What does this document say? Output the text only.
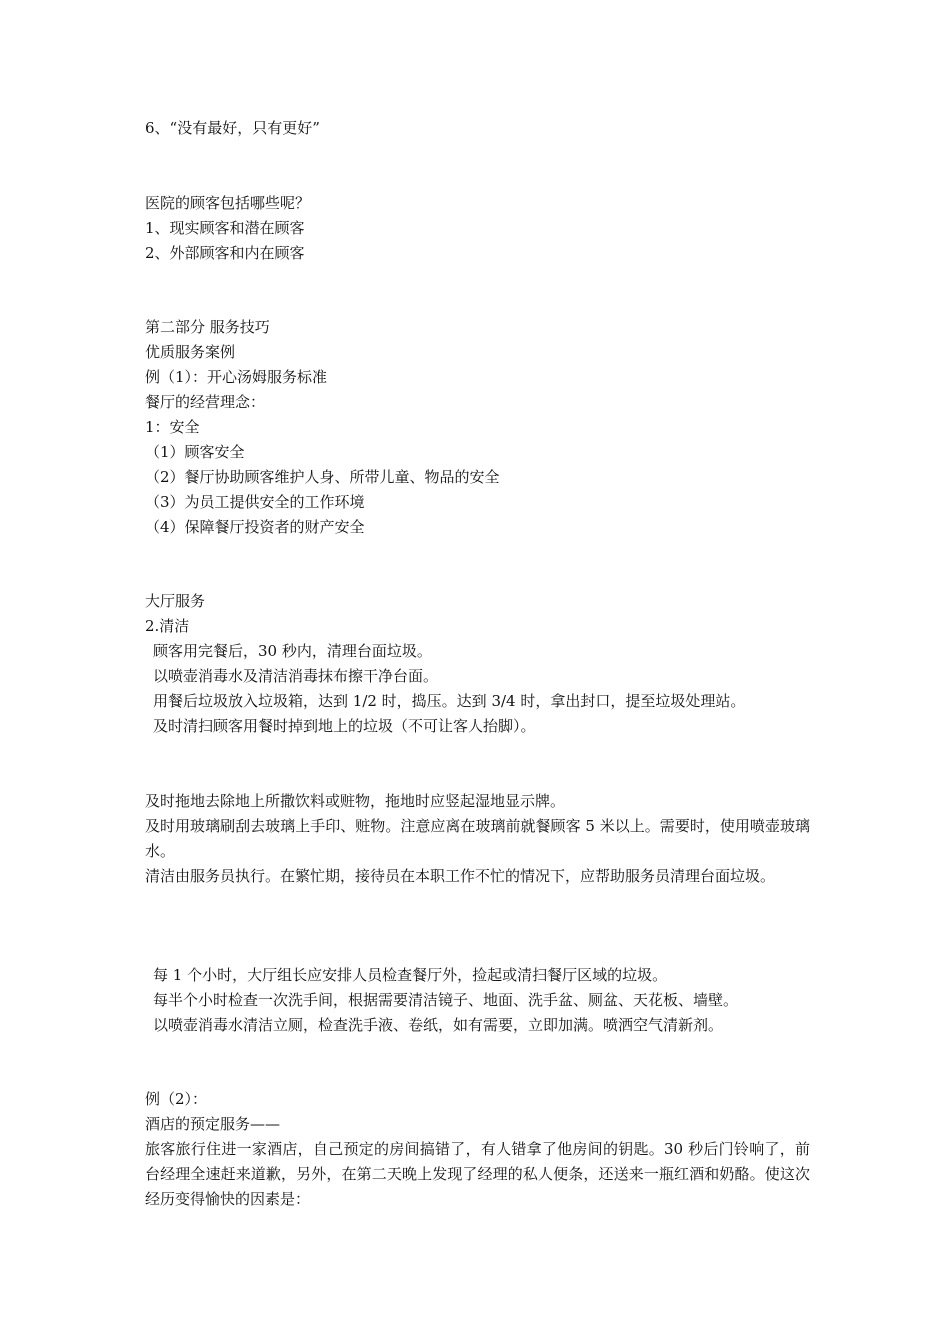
6、“没有最好，只有更好”
医院的顾客包括哪些呢？
1、现实顾客和潜在顾客
2、外部顾客和内在顾客
第二部分 服务技巧
优质服务案例
例（1）：开心汤姆服务标准
餐厅的经营理念：
1：安全
（1）顾客安全
（2）餐厅协助顾客维护人身、所带儿童、物品的安全
（3）为员工提供安全的工作环境
（4）保障餐厅投资者的财产安全
大厅服务
2.清洁
顾客用完餐后，30 秒内，清理台面垃圾。
以喷壶消毒水及清洁消毒抹布擦干净台面。
用餐后垃圾放入垃圾箱，达到 1/2 时，捣压。达到 3/4 时，拿出封口，提至垃圾处理站。
及时清扫顾客用餐时掉到地上的垃圾（不可让客人抬脚）。
及时拖地去除地上所撒饮料或赃物，拖地时应竖起湿地显示牌。
及时用玻璃刷刮去玻璃上手印、赃物。注意应离在玻璃前就餐顾客 5 米以上。需要时，使用喷壶玻璃水。
清洁由服务员执行。在繁忙期，接待员在本职工作不忙的情况下，应帮助服务员清理台面垃圾。
每 1 个小时，大厅组长应安排人员检查餐厅外，捡起或清扫餐厅区域的垃圾。
每半个小时检查一次洗手间，根据需要清洁镜子、地面、洗手盆、厕盆、天花板、墙壁。
以喷壶消毒水清洁立厕，检查洗手液、卷纸，如有需要，立即加满。喷洒空气清新剂。
例（2）：
酒店的预定服务——
旅客旅行住进一家酒店，自己预定的房间搞错了，有人错拿了他房间的钥匙。30 秒后门铃响了，前台经理全速赶来道歉，另外，在第二天晚上发现了经理的私人便条，还送来一瓶红酒和奶酪。使这次经历变得愉快的因素是：
